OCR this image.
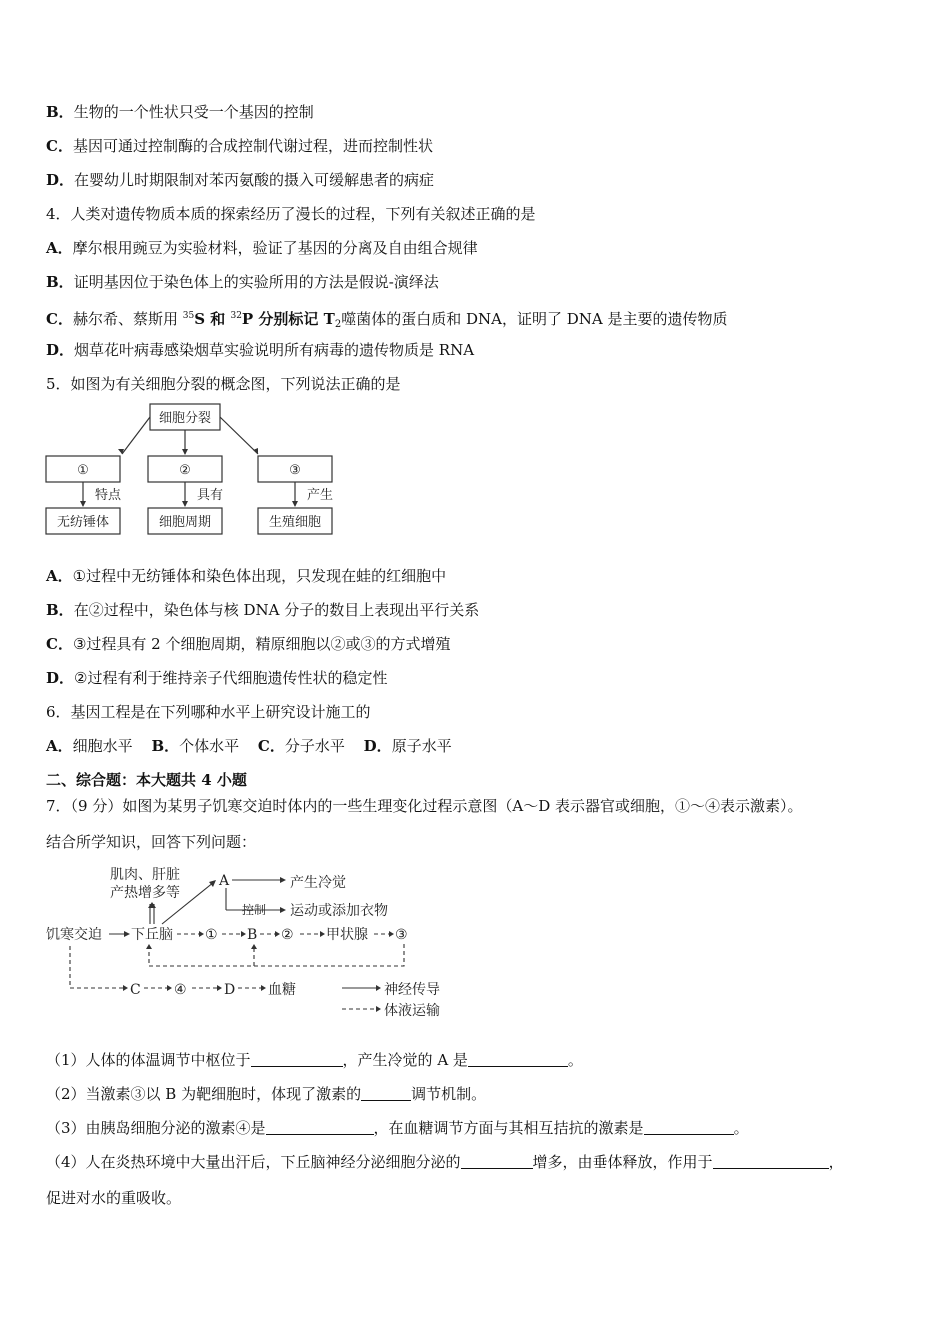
B．生物的一个性状只受一个基因的控制
C．基因可通过控制酶的合成控制代谢过程，进而控制性状
D．在婴幼儿时期限制对苯丙氨酸的摄入可缓解患者的病症
4．人类对遗传物质本质的探索经历了漫长的过程，下列有关叙述正确的是
A．摩尔根用豌豆为实验材料，验证了基因的分离及自由组合规律
B．证明基因位于染色体上的实验所用的方法是假说-演绎法
C．赫尔希、蔡斯用 $^{35}$S 和 $^{32}$P 分别标记 $T_2$噬菌体的蛋白质和 DNA，证明了 DNA 是主要的遗传物质
D．烟草花叶病毒感染烟草实验说明所有病毒的遗传物质是 RNA
5．如图为有关细胞分裂的概念图，下列说法正确的是
细胞分裂
①	②	③
特点	具有	产生
无纺锤体	细胞周期	生殖细胞
A．①过程中无纺锤体和染色体出现，只发现在蛙的红细胞中
B．在②过程中，染色体与核 DNA 分子的数目上表现出平行关系
C．③过程具有 2 个细胞周期，精原细胞以②或③的方式增殖
D．②过程有利于维持亲子代细胞遗传性状的稳定性
6．基因工程是在下列哪种水平上研究设计施工的
A．细胞水平 B．个体水平 C．分子水平 D．原子水平
二、综合题：本大题共 4 小题
7．（9 分）如图为某男子饥寒交迫时体内的一些生理变化过程示意图（A～D 表示器官或细胞，①～④表示激素）。
结合所学知识，回答下列问题：
肌肉、肝脏
产热增多等
A	产生冷觉
控制 运动或添加衣物
饥寒交迫 下丘脑 ① B ② 甲状腺 ③
C ④	D 血糖	神经传导
体液运输
（1）人体的体温调节中枢位于	，产生冷觉的 A 是	。
（2）当激素③以 B 为靶细胞时，体现了激素的	调节机制。
（3）由胰岛细胞分泌的激素④是	，在血糖调节方面与其相互拮抗的激素是	。
（4）人在炎热环境中大量出汗后，下丘脑神经分泌细胞分泌的	增多，由垂体释放，作用于	，
促进对水的重吸收。
